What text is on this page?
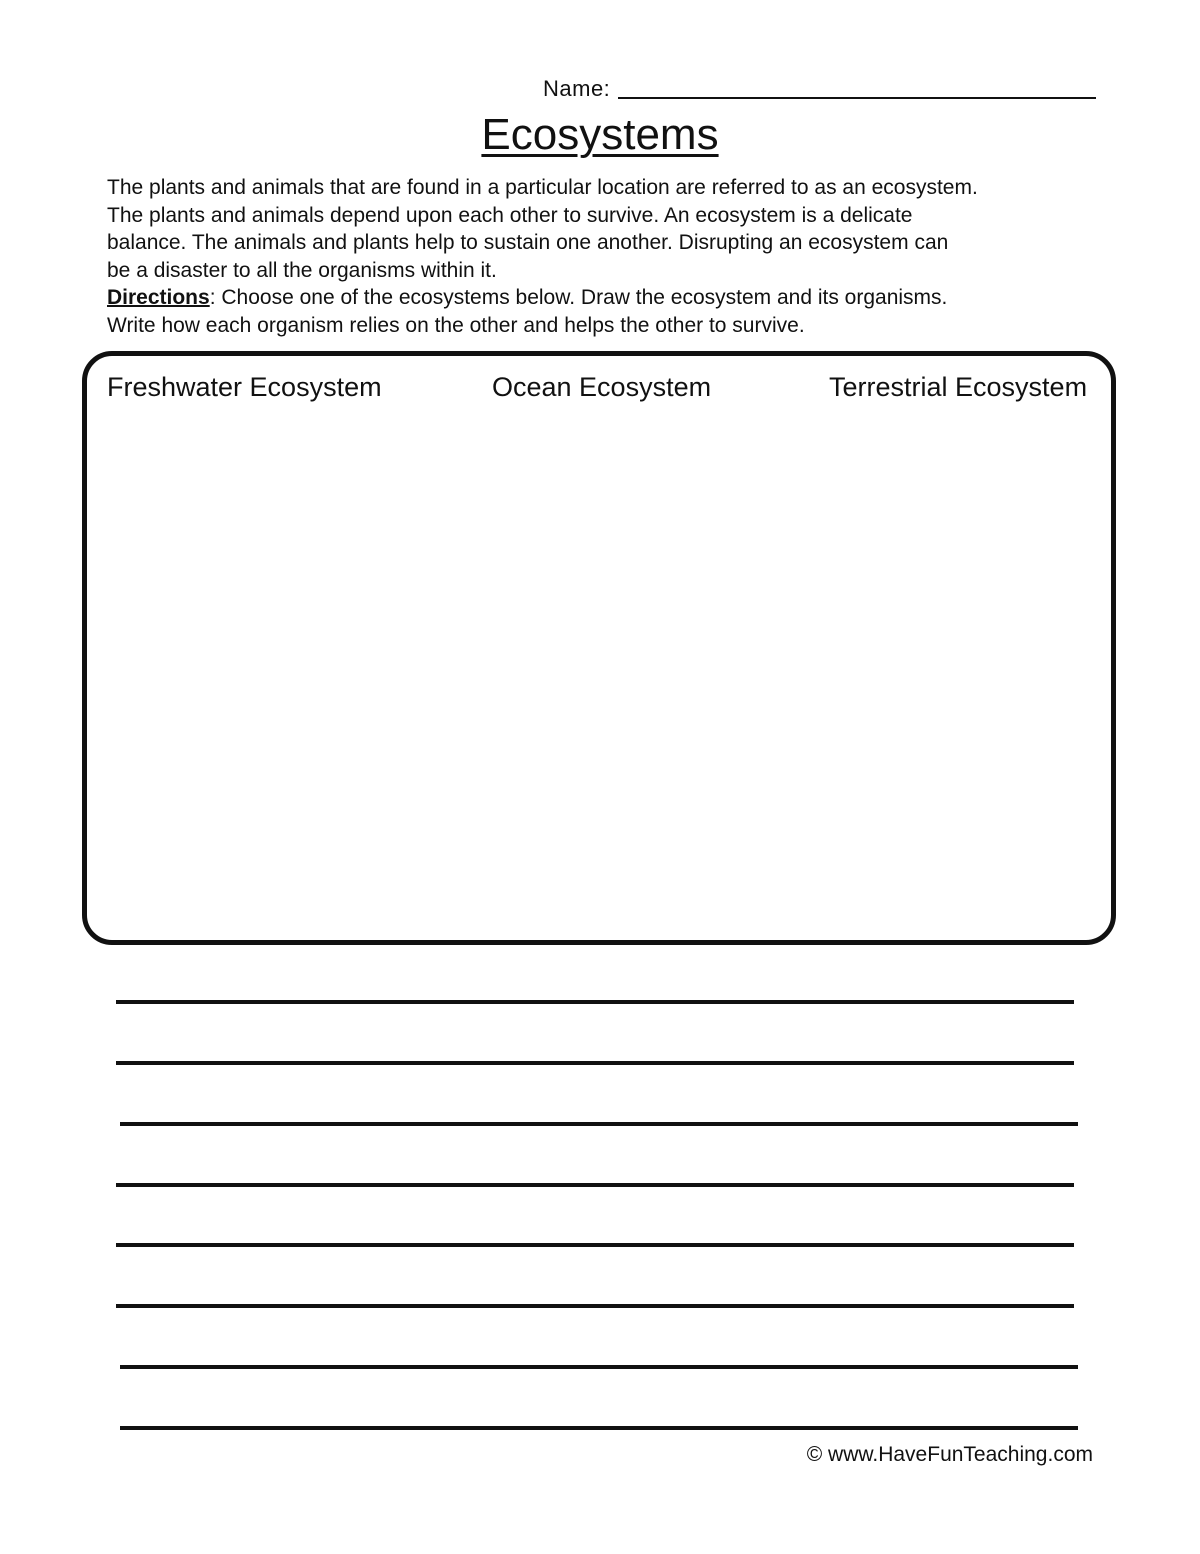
Name:
Ecosystems

The plants and animals that are found in a particular location are referred to as an ecosystem.
The plants and animals depend upon each other to survive. An ecosystem is a delicate
balance. The animals and plants help to sustain one another. Disrupting an ecosystem can
be a disaster to all the organisms within it.

Directions: Choose one of the ecosystems below. Draw the ecosystem and its organisms.
Write how each organism relies on the other and helps the other to survive.

Freshwater Ecosystem	Ocean Ecosystem	Terrestrial Ecosystem
© www.HaveFunTeaching.com
